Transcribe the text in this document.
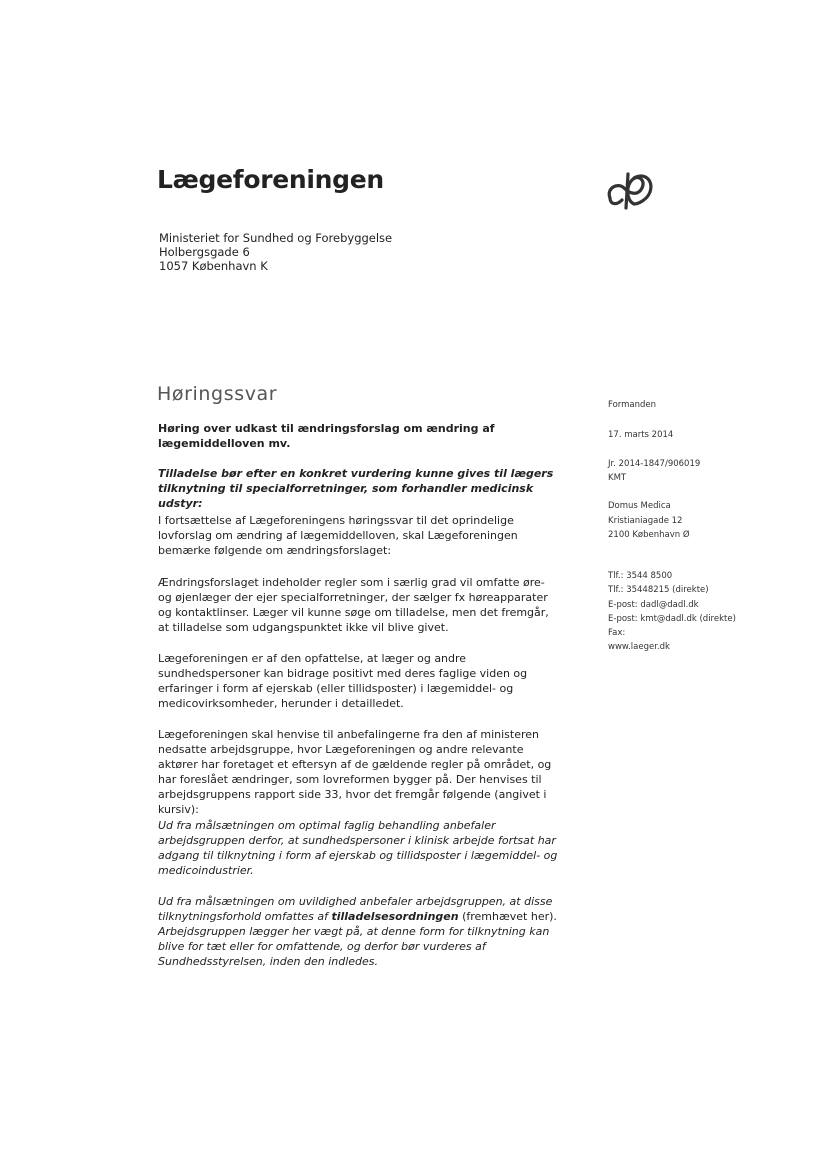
Lægeforeningen
Ministeriet for Sundhed og Forebyggelse
Holbergsgade 6
1057 København K
Høringssvar
Høring over udkast til ændringsforslag om ændring af lægemiddelloven mv.
Tilladelse bør efter en konkret vurdering kunne gives til lægers tilknytning til specialforretninger, som forhandler medicinsk udstyr:

I fortsættelse af Lægeforeningens høringssvar til det oprindelige lovforslag om ændring af lægemiddelloven, skal Lægeforeningen bemærke følgende om ændringsforslaget:

Ændringsforslaget indeholder regler som i særlig grad vil omfatte øre- og øjenlæger der ejer specialforretninger, der sælger fx høreapparater og kontaktlinser. Læger vil kunne søge om tilladelse, men det fremgår, at tilladelse som udgangspunktet ikke vil blive givet.

Lægeforeningen er af den opfattelse, at læger og andre sundhedspersoner kan bidrage positivt med deres faglige viden og erfaringer i form af ejerskab (eller tillidsposter) i lægemiddel- og medicovirksomheder, herunder i detailledet.

Lægeforeningen skal henvise til anbefalingerne fra den af ministeren nedsatte arbejdsgruppe, hvor Lægeforeningen og andre relevante aktører har foretaget et eftersyn af de gældende regler på området, og har foreslået ændringer, som lovreformen bygger på. Der henvises til arbejdsgruppens rapport side 33, hvor det fremgår følgende (angivet i kursiv):

Ud fra målsætningen om optimal faglig behandling anbefaler arbejdsgruppen derfor, at sundhedspersoner i klinisk arbejde fortsat har adgang til tilknytning i form af ejerskab og tillidsposter i lægemiddel- og medicoindustrier.

Ud fra målsætningen om uvildighed anbefaler arbejdsgruppen, at disse tilknytningsforhold omfattes af tilladelsesordningen (fremhævet her). Arbejdsgruppen lægger her vægt på, at denne form for tilknytning kan blive for tæt eller for omfattende, og derfor bør vurderes af Sundhedsstyrelsen, inden den indledes.
Formanden
17. marts 2014
Jr. 2014-1847/906019
KMT
Domus Medica
Kristianiagade 12
2100 København Ø
Tlf.: 3544 8500
Tlf.: 35448215 (direkte)
E-post: dadl@dadl.dk
E-post: kmt@dadl.dk (direkte)
Fax:
www.laeger.dk
